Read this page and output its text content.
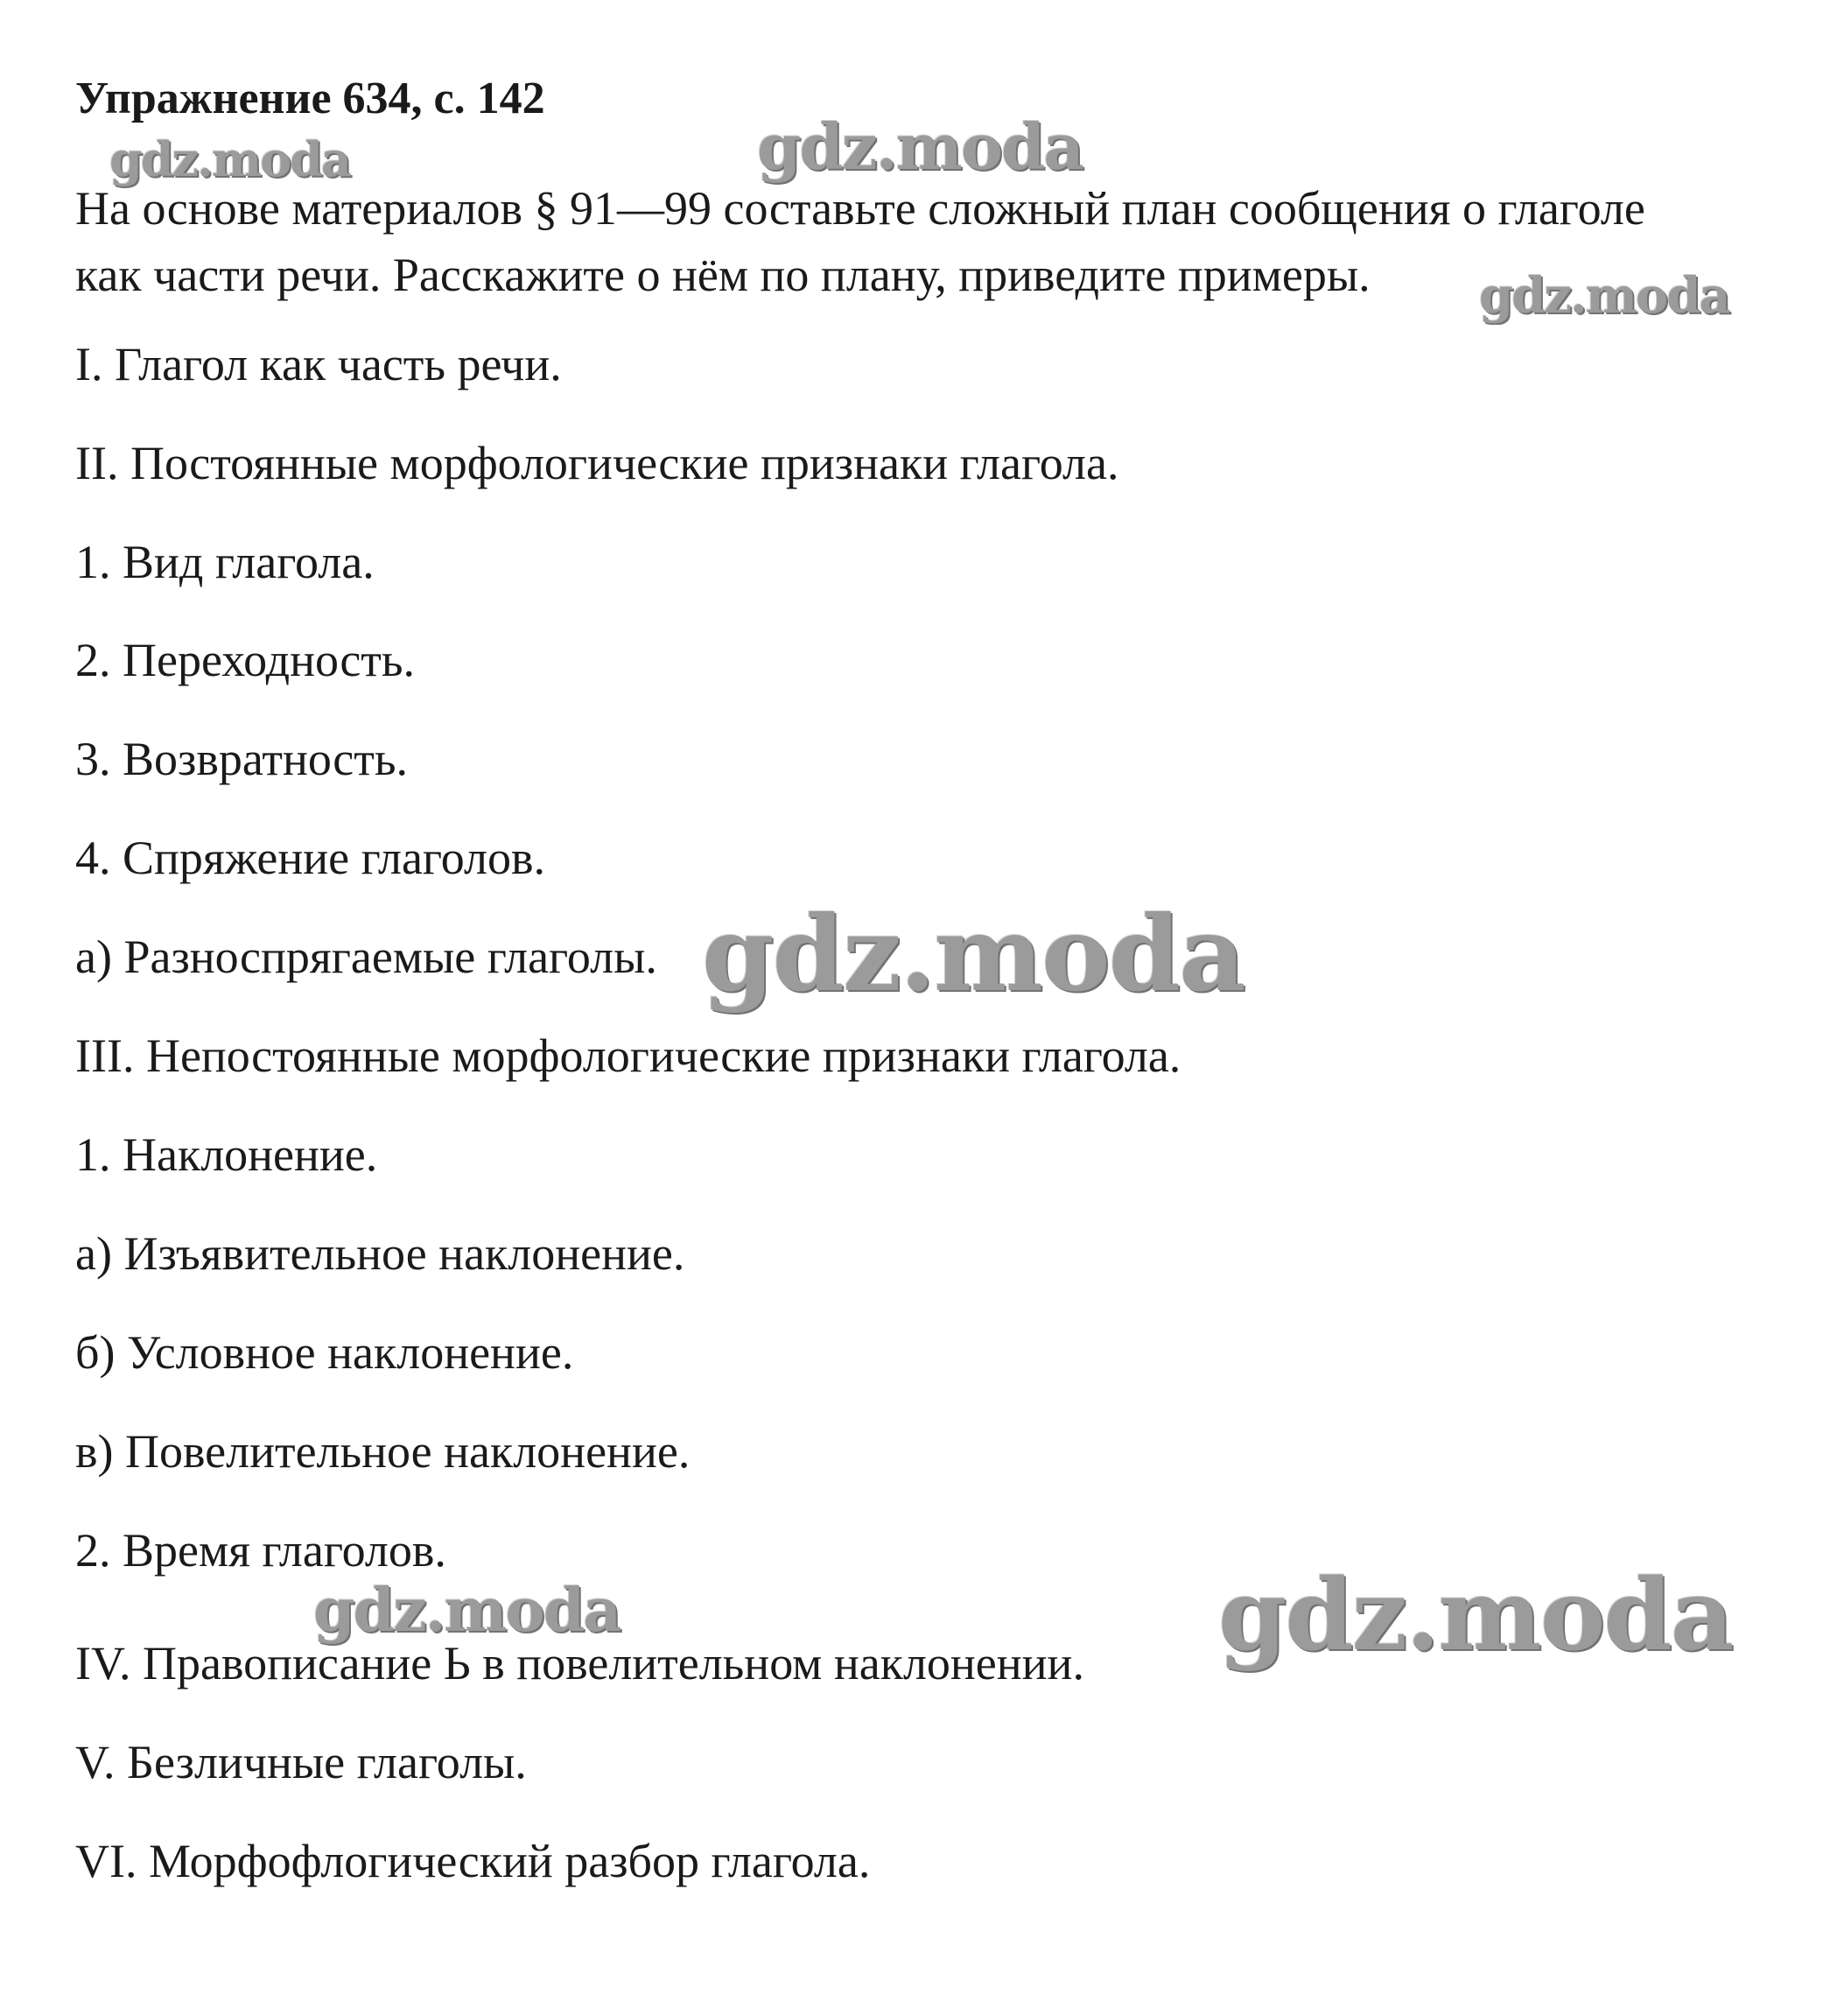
Упражнение 634, с. 142
На основе материалов § 91—99 составьте сложный план сообщения о глаголе
как части речи. Расскажите о нём по плану, приведите примеры.
I. Глагол как часть речи.
II. Постоянные морфологические признаки глагола.
1. Вид глагола.
2. Переходность.
3. Возвратность.
4. Спряжение глаголов.
а) Разноспрягаемые глаголы.
III. Непостоянные морфологические признаки глагола.
1. Наклонение.
а) Изъявительное наклонение.
б) Условное наклонение.
в) Повелительное наклонение.
2. Время глаголов.
IV. Правописание Ь в повелительном наклонении.
V. Безличные глаголы.
VI. Морфофлогический разбор глагола.
gdz.moda	gdz.moda
gdz.moda
gdz.moda
gdz.moda	gdz.moda
